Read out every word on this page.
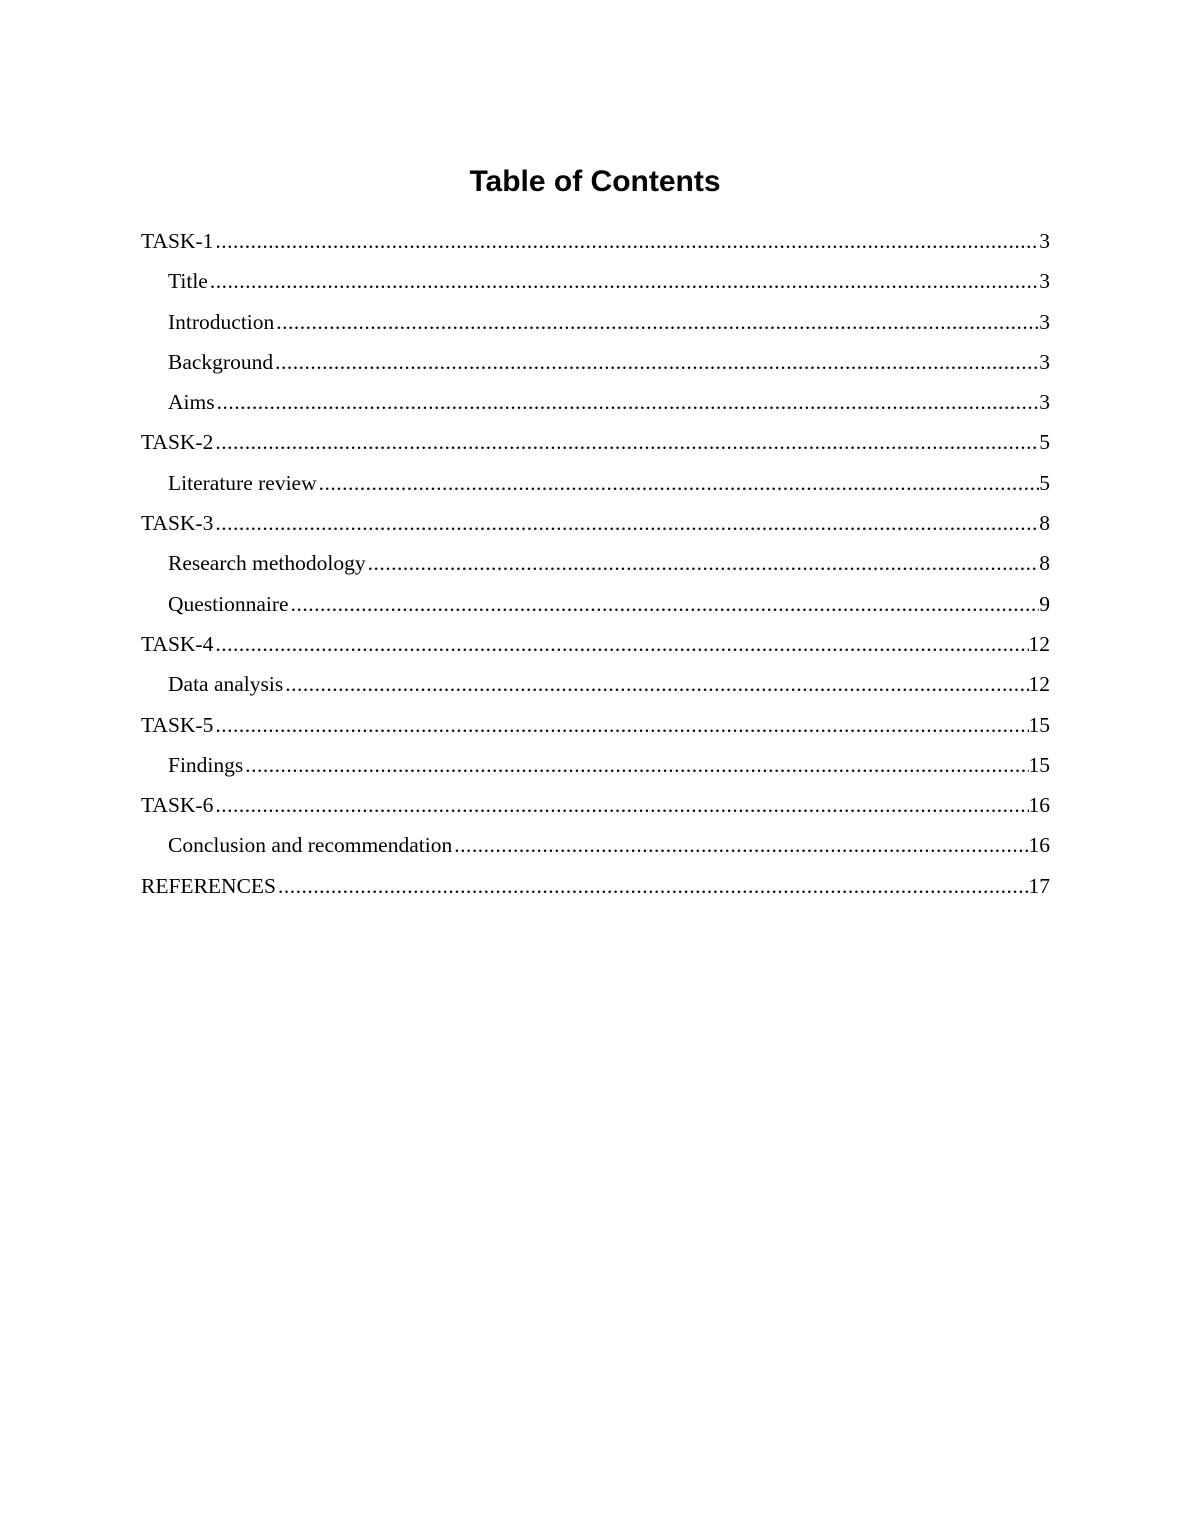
Table of Contents
TASK-1 .....	3
Title .....	3
Introduction .....	3
Background .....	3
Aims .....	3
TASK-2 .....	5
Literature review .....	5
TASK-3 .....	8
Research methodology .....	8
Questionnaire .....	9
TASK-4 .....	12
Data analysis .....	12
TASK-5 .....	15
Findings .....	15
TASK-6 .....	16
Conclusion and recommendation .....	16
REFERENCES .....	17
